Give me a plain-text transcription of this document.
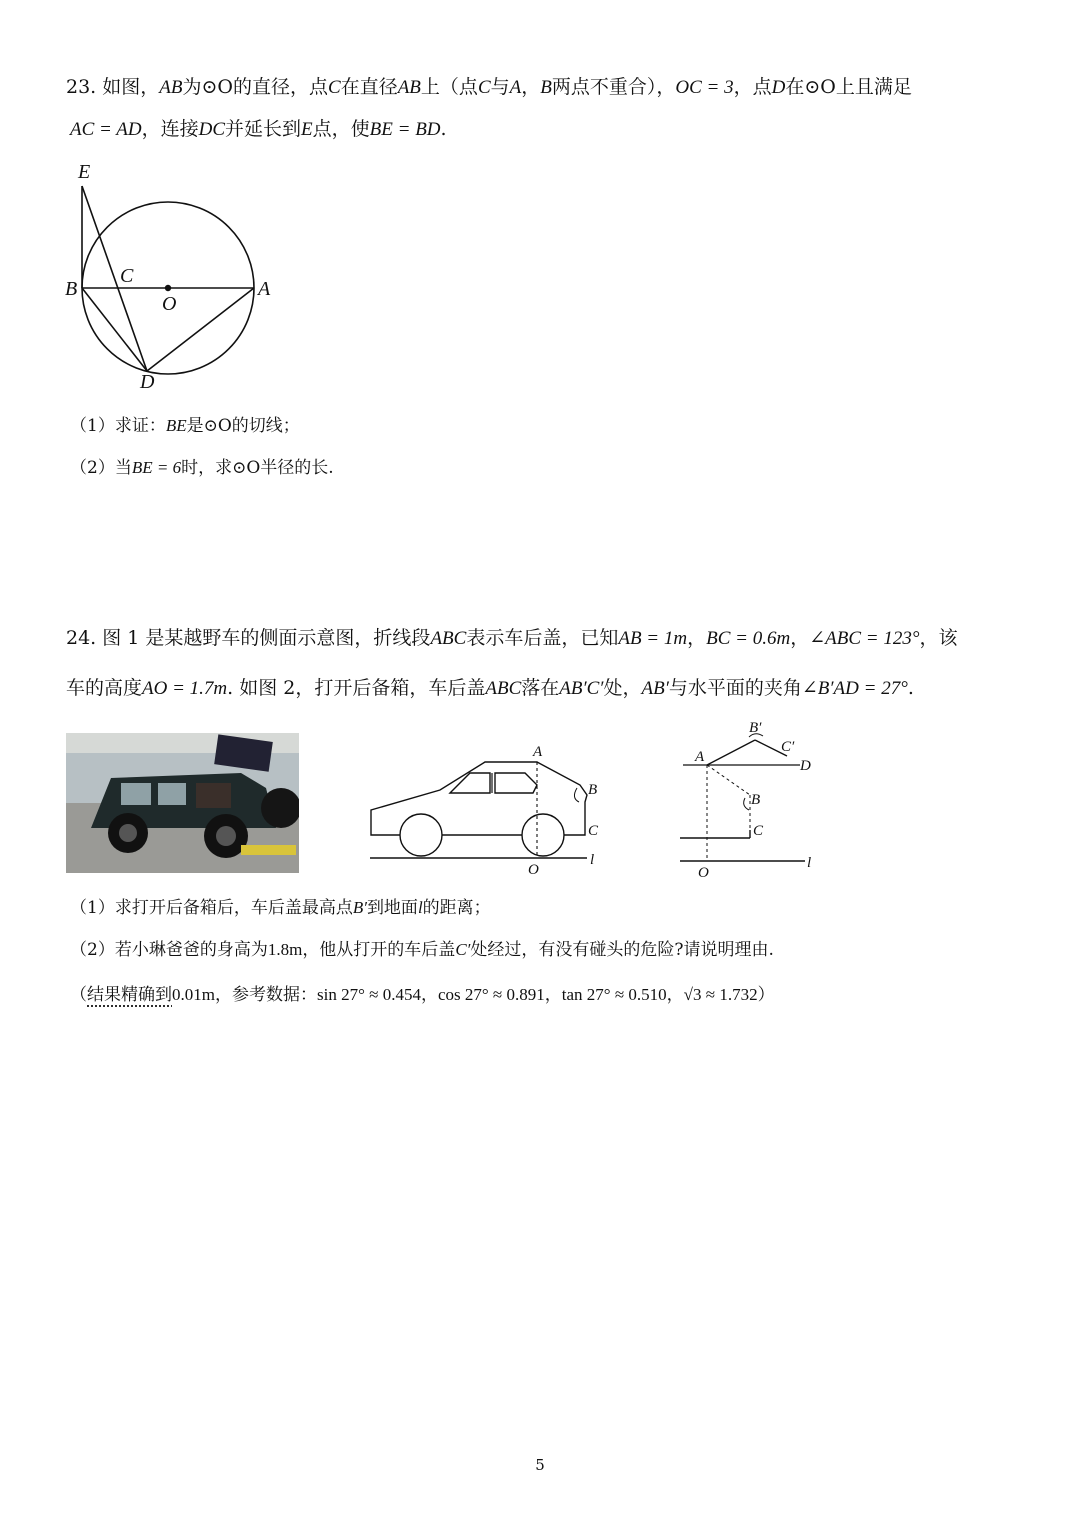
23. 如图，AB为⊙O的直径，点C在直径AB上（点C与A，B两点不重合），OC = 3，点D在⊙O上且满足
AC = AD，连接DC并延长到E点，使BE = BD.
E
B
C
O
A
D
（1）求证：BE是⊙O的切线；
（2）当BE = 6时，求⊙O半径的长.
24. 图 1 是某越野车的侧面示意图，折线段ABC表示车后盖，已知AB = 1m，BC = 0.6m，∠ABC = 123°，该
车的高度AO = 1.7m. 如图 2，打开后备箱，车后盖ABC落在AB′C′处，AB′与水平面的夹角∠B′AD = 27°.
A
B
C
O
l
B′
C′
A
D
B
C
O
l
（1）求打开后备箱后，车后盖最高点B′到地面l的距离；
（2）若小琳爸爸的身高为1.8m，他从打开的车后盖C′处经过，有没有碰头的危险?请说明理由.
（结果精确到0.01m，参考数据：sin 27° ≈ 0.454，cos 27° ≈ 0.891，tan 27° ≈ 0.510，√3 ≈ 1.732）
5
